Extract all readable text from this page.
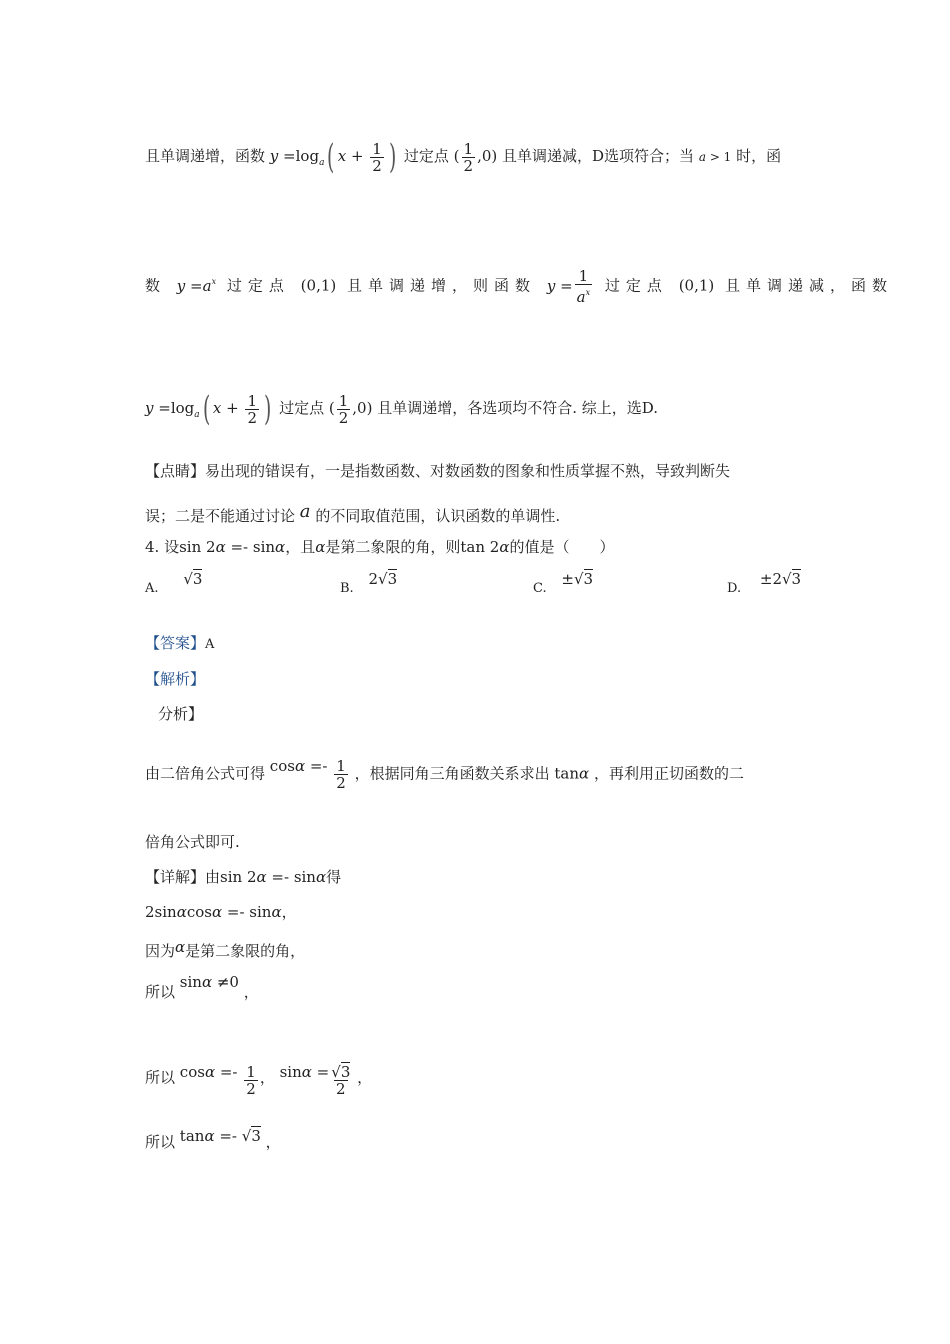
且单调递增，函数 $y =\log_a$( $x + \frac{1}{2}$ ) 过定点 ( $\frac{1}{2} ,0$) 且单调递减，D选项符合；当 a > 1 时，函
数 $y =a^x$ 过定点 (0,1) 且单调递增，则函数 $y = \frac{1}{a^x}$ 过定点 (0,1) 且单调递减，函数
$y =\log_a$( $x + \frac{1}{2}$ ) 过定点 ( $\frac{1}{2} ,0$) 且单调递增，各选项均不符合. 综上，选D.
【点睛】易出现的错误有，一是指数函数、对数函数的图象和性质掌握不熟，导致判断失
误；二是不能通过讨论 a 的不同取值范围，认识函数的单调性.
4. 设sin 2α =- sinα，且α是第二象限的角，则tan 2α的值是（　　）
A. √3
B. 2√3
C. ±√3
D. ±2√3
【答案】A
【解析】
分析】
由二倍角公式可得 $\cos\alpha =- \frac{1}{2}$ ，根据同角三角函数关系求出 tanα ，再利用正切函数的二
倍角公式即可.
【详解】由sin 2α =- sinα得
2sinαcosα =- sinα，
因为α是第二象限的角，
所以 sinα ≠0 ，
所以 $\cos\alpha =- \frac{1}{2}$ ， $\sin\alpha = \frac{√3}{2}$ ，
所以 tanα =- √3 ，
